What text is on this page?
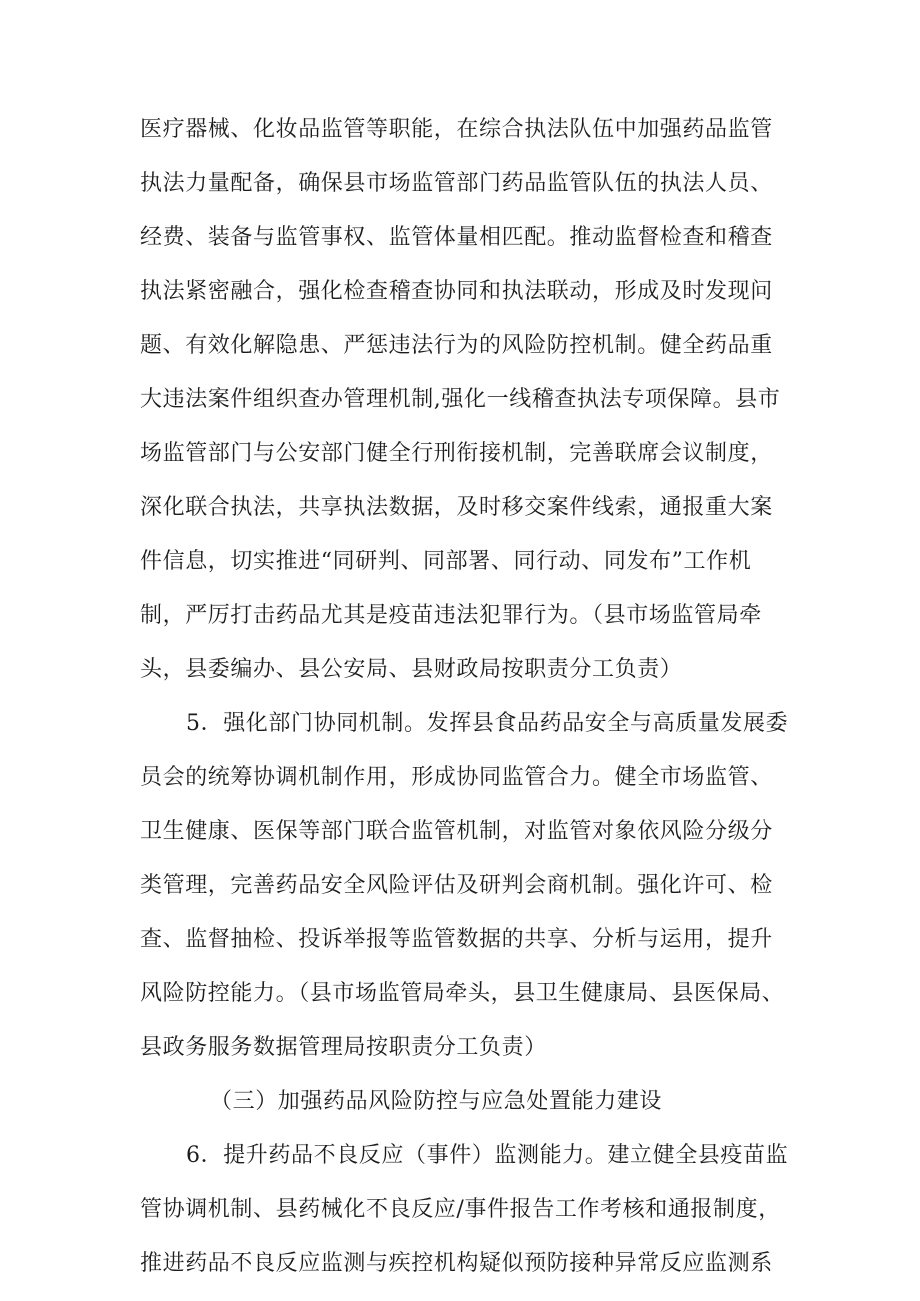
医疗器械、化妆品监管等职能，在综合执法队伍中加强药品监管
执法力量配备，确保县市场监管部门药品监管队伍的执法人员、
经费、装备与监管事权、监管体量相匹配。推动监督检查和稽查
执法紧密融合，强化检查稽查协同和执法联动，形成及时发现问
题、有效化解隐患、严惩违法行为的风险防控机制。健全药品重
大违法案件组织查办管理机制,强化一线稽查执法专项保障。县市
场监管部门与公安部门健全行刑衔接机制，完善联席会议制度，
深化联合执法，共享执法数据，及时移交案件线索，通报重大案
件信息，切实推进“同研判、同部署、同行动、同发布”工作机
制，严厉打击药品尤其是疫苗违法犯罪行为。（县市场监管局牵
头，县委编办、县公安局、县财政局按职责分工负责）
5．强化部门协同机制。发挥县食品药品安全与高质量发展委
员会的统筹协调机制作用，形成协同监管合力。健全市场监管、
卫生健康、医保等部门联合监管机制，对监管对象依风险分级分
类管理，完善药品安全风险评估及研判会商机制。强化许可、检
查、监督抽检、投诉举报等监管数据的共享、分析与运用，提升
风险防控能力。（县市场监管局牵头，县卫生健康局、县医保局、
县政务服务数据管理局按职责分工负责）
（三）加强药品风险防控与应急处置能力建设
6．提升药品不良反应（事件）监测能力。建立健全县疫苗监
管协调机制、县药械化不良反应/事件报告工作考核和通报制度，
推进药品不良反应监测与疾控机构疑似预防接种异常反应监测系
